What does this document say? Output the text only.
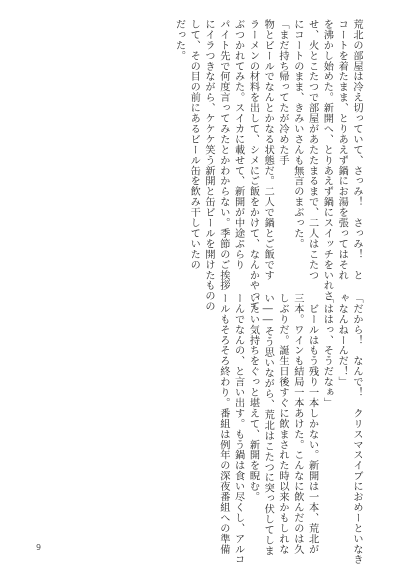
荒北の部屋は冷え切っていて、さっみ！　さっみ！　と
コートを着たまま、とりあえず鍋にお湯を張ってはそれ
を沸かし始めた。新開へ、とりあえず鍋にスイッチをいれさ
せ、火とこたつで部屋があたたまるまで、二人はこたつ
にコートのまま、きみいさんも無言のまぶった。
「まだ持ち帰ってたが冷めた手
物とビールでなんとかなる状態だ。二人で鍋とご飯です
ラーメンの材料を出して、シメにご飯をかけて、なんかやって
ぶつかれてみた。スイカに載せて、新開が中途ぷらり
パイト先で何度言ってみたとかわからない。季節のご挨拶
にイラつきながら、ケケケ笑う新開と缶ビールを開けたものの
して、その目の前にあるビール缶を飲み干していたの
だった。
「だから！　なんで！　クリスマスイブにおめーといなき
ゃなんねーんだ！」
「ははっ、そうだなぁ」
　ビールはもう残り一本しかない。新開は一本、荒北が
三本。ワインも結局一本あけた。こんなに飲んだのは久
しぶりだ。誕生日後すぐに飲まされた時以来かもしれな
い――そう思いながら、荒北はこたつに突っ伏してしま
いたい気持ちをぐっと堪えて、新開を睨む。
ーんでなんの、と言い出す。もう鍋は食い尽くし、アルコ
ールもそろそろ終わり。番組は例年の深夜番組への準備
9
